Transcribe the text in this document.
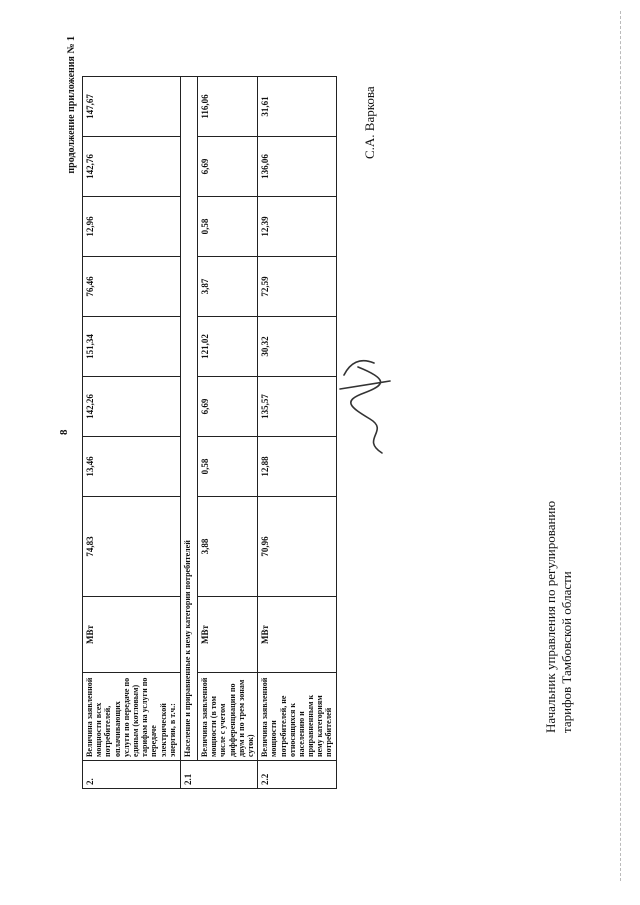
8
продолжение приложения № 1
2.	Величина заявленной мощности всех потребителей, оплачивающих услуги по передаче по единым (котловым) тарифам на услуги по передаче электрической энергии, в т.ч.:	МВт	74,83	13,46	142,26	151,34	76,46	12,96	142,76	147,67
2.1	Население и приравненные к нему категории потребителей									
	Величина заявленной мощности (в том числе с учетом дифференциации по двум и по трем зонам суток)	МВт	3,88	0,58	6,69	121,02	3,87	0,58	6,69	116,06
2.2	Величина заявленной мощности потребителей, не относящихся к населению и приравненным к нему категориям потребителей	МВт	70,96	12,88	135,57	30,32	72,59	12,39	136,06	31,61
Начальник управления по регулированию тарифов Тамбовской области
С.А. Варкова
